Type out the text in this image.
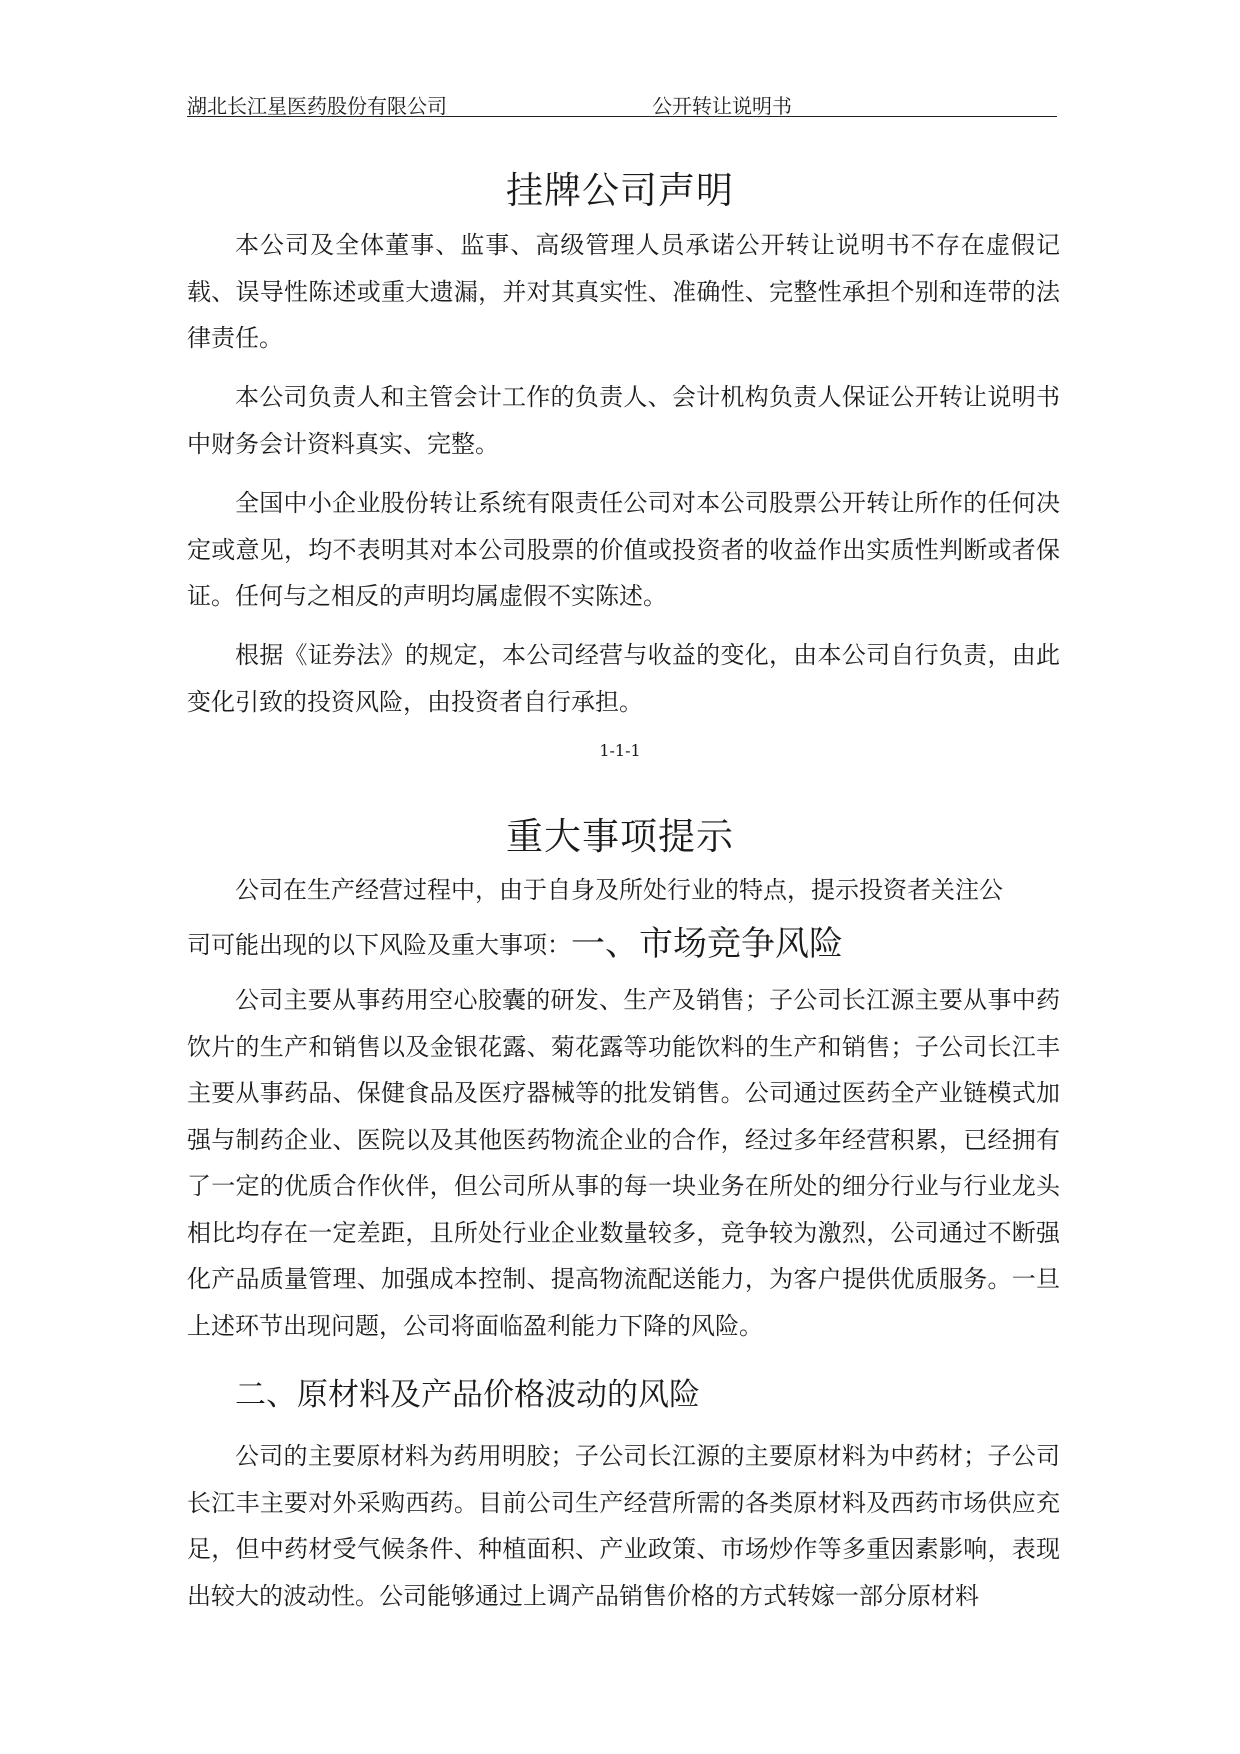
湖北长江星医药股份有限公司	公开转让说明书
挂牌公司声明

本公司及全体董事、监事、高级管理人员承诺公开转让说明书不存在虚假记载、误导性陈述或重大遗漏，并对其真实性、准确性、完整性承担个别和连带的法律责任。

本公司负责人和主管会计工作的负责人、会计机构负责人保证公开转让说明书中财务会计资料真实、完整。

全国中小企业股份转让系统有限责任公司对本公司股票公开转让所作的任何决定或意见，均不表明其对本公司股票的价值或投资者的收益作出实质性判断或者保证。任何与之相反的声明均属虚假不实陈述。

根据《证券法》的规定，本公司经营与收益的变化，由本公司自行负责，由此变化引致的投资风险，由投资者自行承担。

1-1-1
重大事项提示
公司在生产经营过程中，由于自身及所处行业的特点，提示投资者关注公
司可能出现的以下风险及重大事项：一、市场竞争风险

公司主要从事药用空心胶囊的研发、生产及销售；子公司长江源主要从事中药饮片的生产和销售以及金银花露、菊花露等功能饮料的生产和销售；子公司长江丰主要从事药品、保健食品及医疗器械等的批发销售。公司通过医药全产业链模式加强与制药企业、医院以及其他医药物流企业的合作，经过多年经营积累，已经拥有了一定的优质合作伙伴，但公司所从事的每一块业务在所处的细分行业与行业龙头相比均存在一定差距，且所处行业企业数量较多，竞争较为激烈，公司通过不断强化产品质量管理、加强成本控制、提高物流配送能力，为客户提供优质服务。一旦上述环节出现问题，公司将面临盈利能力下降的风险。

二、原材料及产品价格波动的风险

公司的主要原材料为药用明胶；子公司长江源的主要原材料为中药材；子公司长江丰主要对外采购西药。目前公司生产经营所需的各类原材料及西药市场供应充足，但中药材受气候条件、种植面积、产业政策、市场炒作等多重因素影响，表现出较大的波动性。公司能够通过上调产品销售价格的方式转嫁一部分原材料
